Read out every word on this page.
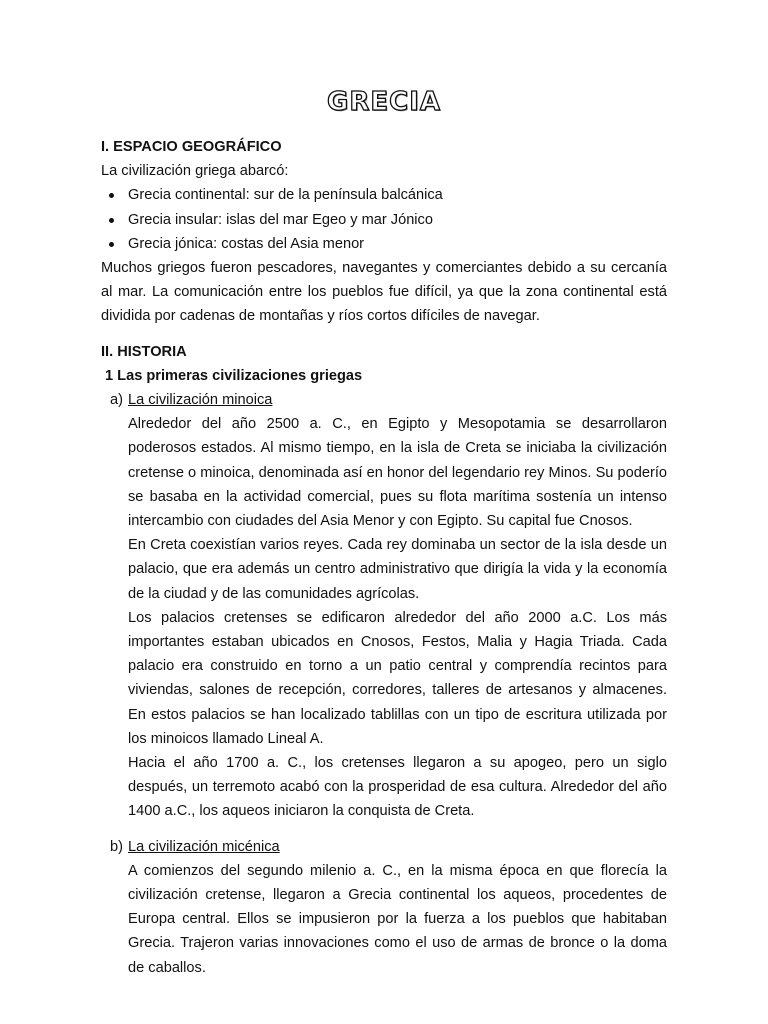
GRECIA

I. ESPACIO GEOGRÁFICO

La civilización griega abarcó:

Grecia continental: sur de la península balcánica
Grecia insular: islas del mar Egeo y mar Jónico
Grecia jónica: costas del Asia menor

Muchos griegos fueron pescadores, navegantes y comerciantes debido a su cercanía al mar. La comunicación entre los pueblos fue difícil, ya que la zona continental está dividida por cadenas de montañas y ríos cortos difíciles de navegar.

II. HISTORIA

1 Las primeras civilizaciones griegas

a) La civilización minoica

Alrededor del año 2500 a. C., en Egipto y Mesopotamia se desarrollaron poderosos estados. Al mismo tiempo, en la isla de Creta se iniciaba la civilización cretense o minoica, denominada así en honor del legendario rey Minos. Su poderío se basaba en la actividad comercial, pues su flota marítima sostenía un intenso intercambio con ciudades del Asia Menor y con Egipto. Su capital fue Cnosos.

En Creta coexistían varios reyes. Cada rey dominaba un sector de la isla desde un palacio, que era además un centro administrativo que dirigía la vida y la economía de la ciudad y de las comunidades agrícolas.

Los palacios cretenses se edificaron alrededor del año 2000 a.C. Los más importantes estaban ubicados en Cnosos, Festos, Malia y Hagia Triada. Cada palacio era construido en torno a un patio central y comprendía recintos para viviendas, salones de recepción, corredores, talleres de artesanos y almacenes. En estos palacios se han localizado tablillas con un tipo de escritura utilizada por los minoicos llamado Lineal A.

Hacia el año 1700 a. C., los cretenses llegaron a su apogeo, pero un siglo después, un terremoto acabó con la prosperidad de esa cultura. Alrededor del año 1400 a.C., los aqueos iniciaron la conquista de Creta.

b) La civilización micénica

A comienzos del segundo milenio a. C., en la misma época en que florecía la civilización cretense, llegaron a Grecia continental los aqueos, procedentes de Europa central. Ellos se impusieron por la fuerza a los pueblos que habitaban Grecia. Trajeron varias innovaciones como el uso de armas de bronce o la doma de caballos.
